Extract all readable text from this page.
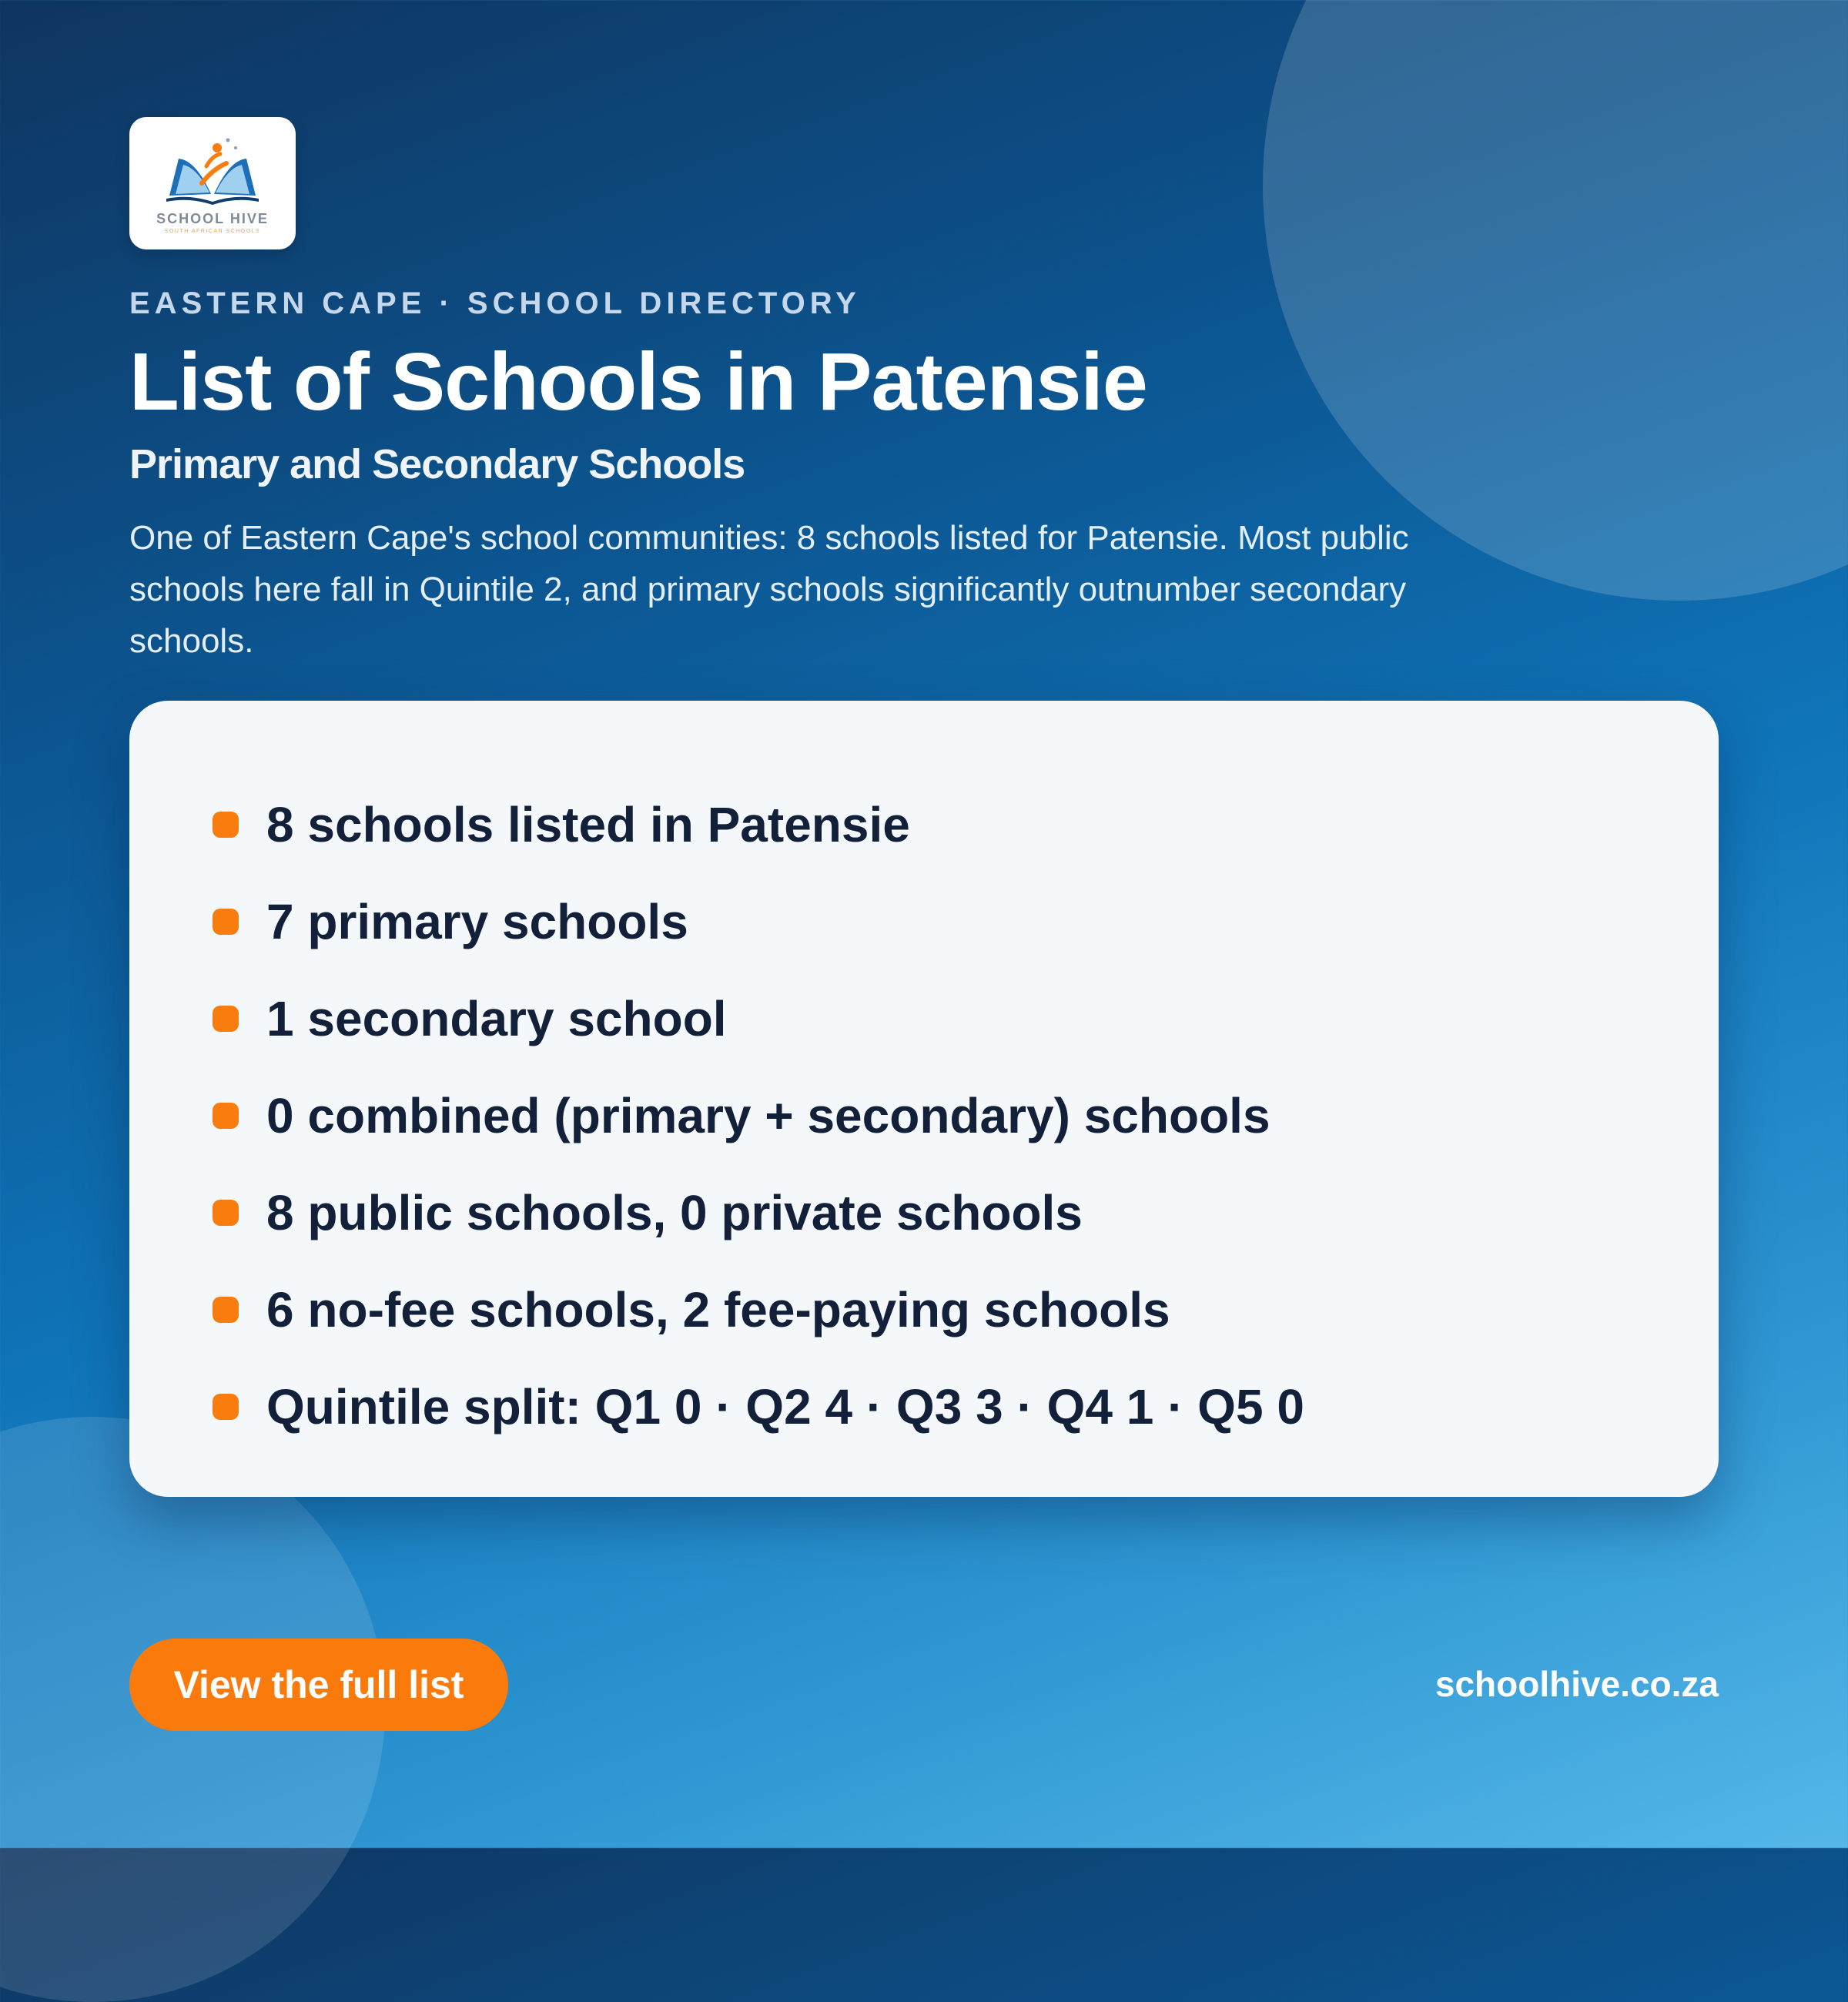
SCHOOL HIVE
SOUTH AFRICAN SCHOOLS
EASTERN CAPE · SCHOOL DIRECTORY
List of Schools in Patensie
Primary and Secondary Schools
One of Eastern Cape's school communities: 8 schools listed for Patensie. Most public schools here fall in Quintile 2, and primary schools significantly outnumber secondary schools.
8 schools listed in Patensie
7 primary schools
1 secondary school
0 combined (primary + secondary) schools
8 public schools, 0 private schools
6 no-fee schools, 2 fee-paying schools
Quintile split: Q1 0 · Q2 4 · Q3 3 · Q4 1 · Q5 0
View the full list	schoolhive.co.za
